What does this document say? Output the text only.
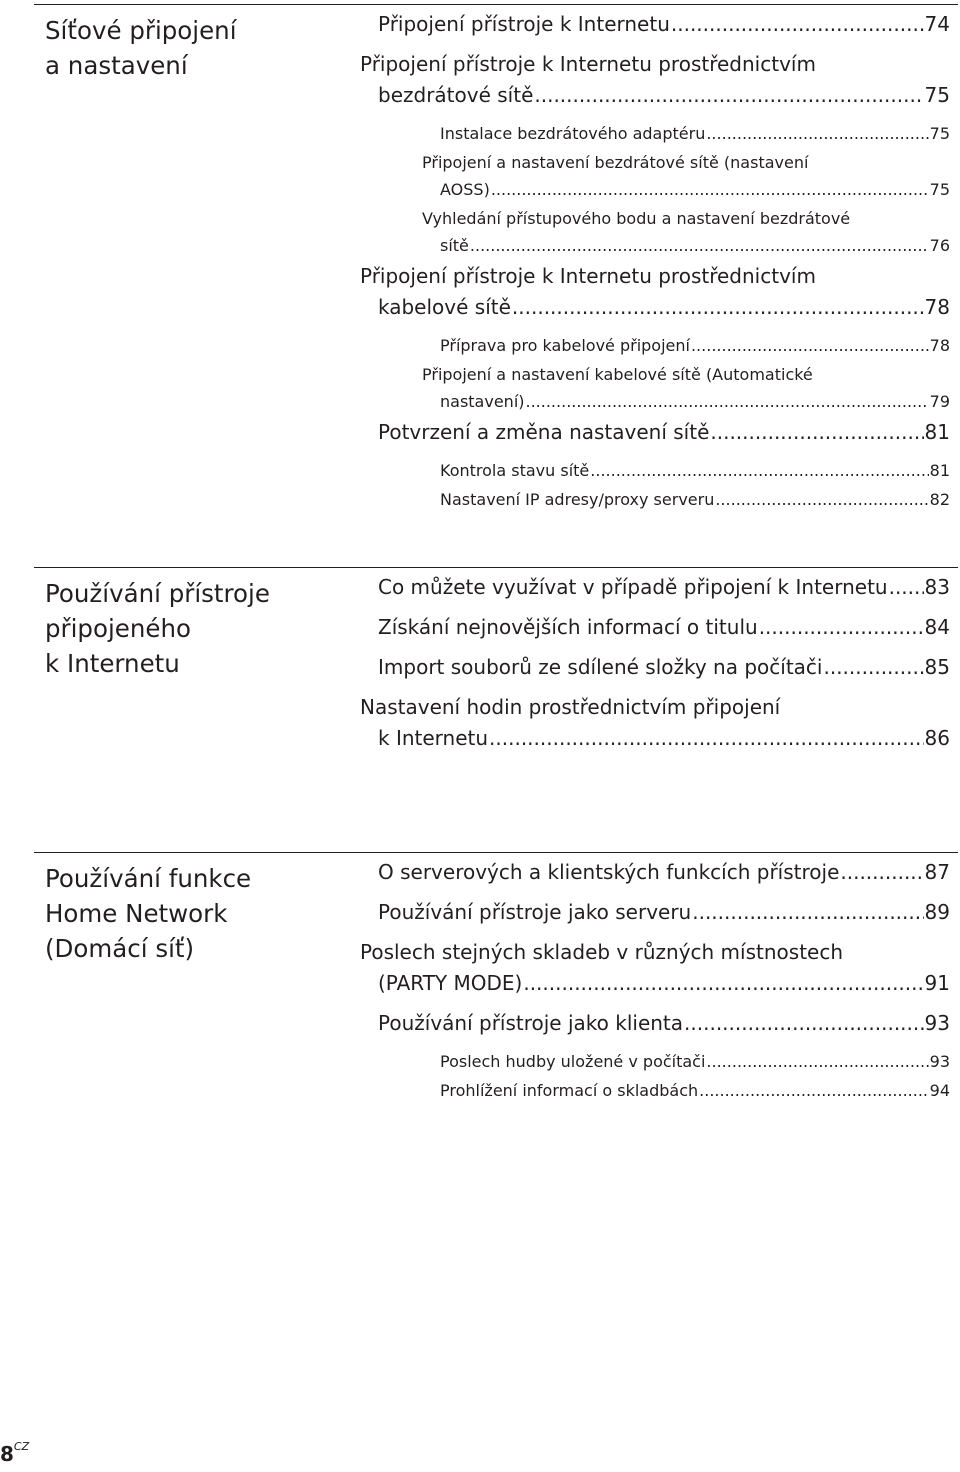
Síťové připojení
a nastavení
Připojení přístroje k Internetu .....	74
Připojení přístroje k Internetu prostřednictvím
bezdrátové sítě .....	75
Instalace bezdrátového adaptéru .....	75
Připojení a nastavení bezdrátové sítě (nastavení
AOSS) .....	75
Vyhledání přístupového bodu a nastavení bezdrátové
sítě .....	76
Připojení přístroje k Internetu prostřednictvím
kabelové sítě .....	78
Příprava pro kabelové připojení .....	78
Připojení a nastavení kabelové sítě (Automatické
nastavení) .....	79
Potvrzení a změna nastavení sítě .....	81
Kontrola stavu sítě .....	81
Nastavení IP adresy/proxy serveru .....	82
Používání přístroje
připojeného
k Internetu
Co můžete využívat v případě připojení k Internetu ..... 83
Získání nejnovějších informací o titulu .....	84
Import souborů ze sdílené složky na počítači .....	85
Nastavení hodin prostřednictvím připojení
k Internetu .....	86
Používání funkce
Home Network
(Domácí síť)
O serverových a klientských funkcích přístroje .....	87
Používání přístroje jako serveru .....	89
Poslech stejných skladeb v různých místnostech
(PARTY MODE) .....	91
Používání přístroje jako klienta .....	93
Poslech hudby uložené v počítači .....	93
Prohlížení informací o skladbách .....	94
$8^{CZ}$
